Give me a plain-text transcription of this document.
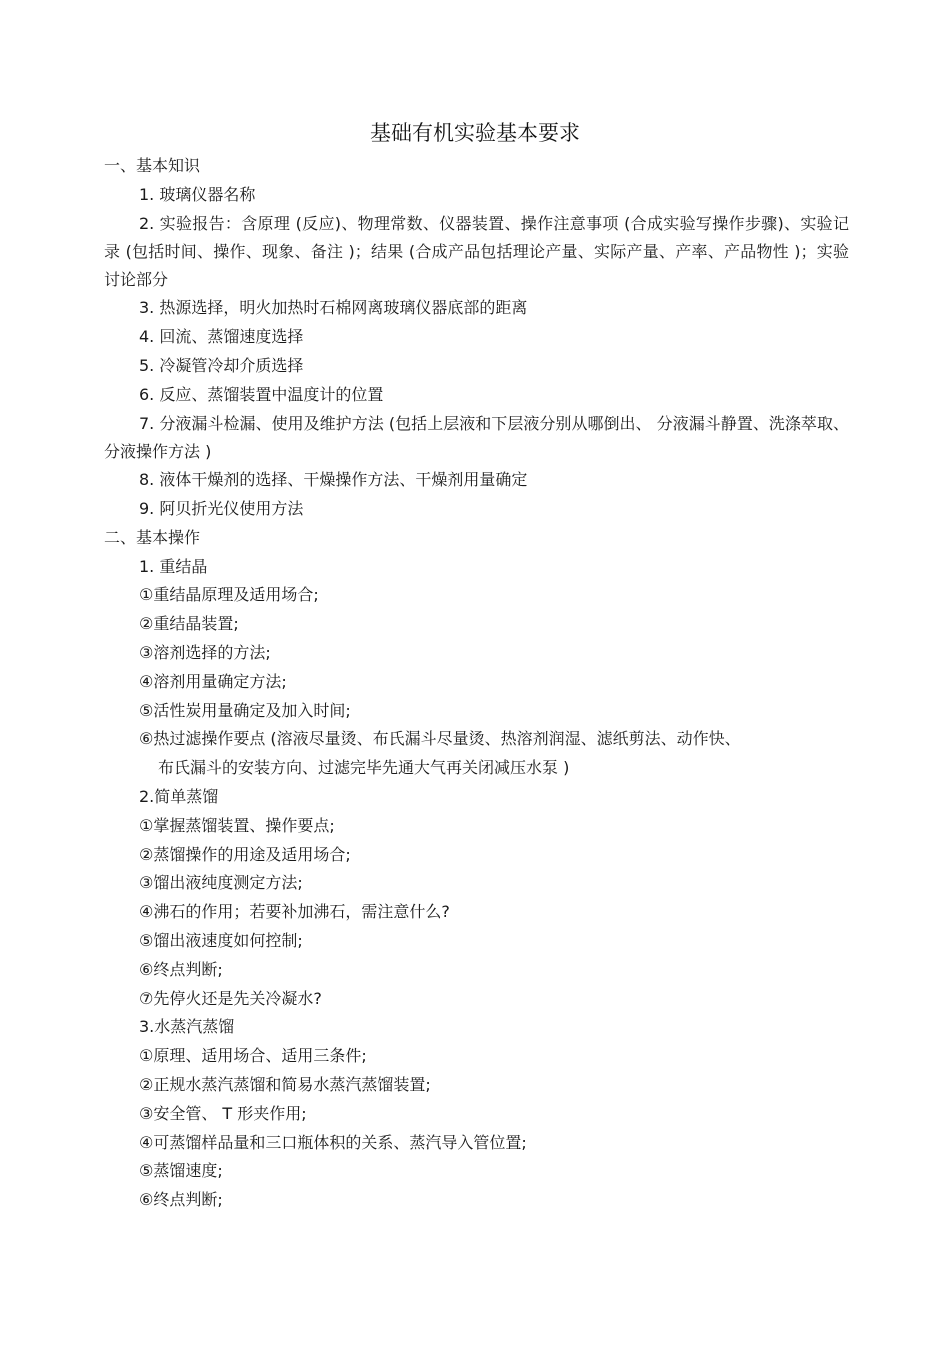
基础有机实验基本要求
一、基本知识
1. 玻璃仪器名称
2. 实验报告：含原理 (反应)、物理常数、仪器装置、操作注意事项 (合成实验写操作步骤)、实验记录 (包括时间、操作、现象、备注 )；结果 (合成产品包括理论产量、实际产量、产率、产品物性 )；实验讨论部分
3. 热源选择，明火加热时石棉网离玻璃仪器底部的距离
4. 回流、蒸馏速度选择
5. 冷凝管冷却介质选择
6. 反应、蒸馏装置中温度计的位置
7. 分液漏斗检漏、使用及维护方法 (包括上层液和下层液分别从哪倒出、 分液漏斗静置、洗涤萃取、分液操作方法 )
8. 液体干燥剂的选择、干燥操作方法、干燥剂用量确定
9. 阿贝折光仪使用方法
二、基本操作
1. 重结晶
①重结晶原理及适用场合;
②重结晶装置;
③溶剂选择的方法;
④溶剂用量确定方法;
⑤活性炭用量确定及加入时间;
⑥热过滤操作要点 (溶液尽量烫、布氏漏斗尽量烫、热溶剂润湿、滤纸剪法、动作快、
布氏漏斗的安装方向、过滤完毕先通大气再关闭减压水泵 )
2.简单蒸馏
①掌握蒸馏装置、操作要点;
②蒸馏操作的用途及适用场合;
③馏出液纯度测定方法;
④沸石的作用；若要补加沸石，需注意什么?
⑤馏出液速度如何控制;
⑥终点判断;
⑦先停火还是先关冷凝水?
3.水蒸汽蒸馏
①原理、适用场合、适用三条件;
②正规水蒸汽蒸馏和简易水蒸汽蒸馏装置;
③安全管、 T 形夹作用;
④可蒸馏样品量和三口瓶体积的关系、蒸汽导入管位置;
⑤蒸馏速度;
⑥终点判断;
